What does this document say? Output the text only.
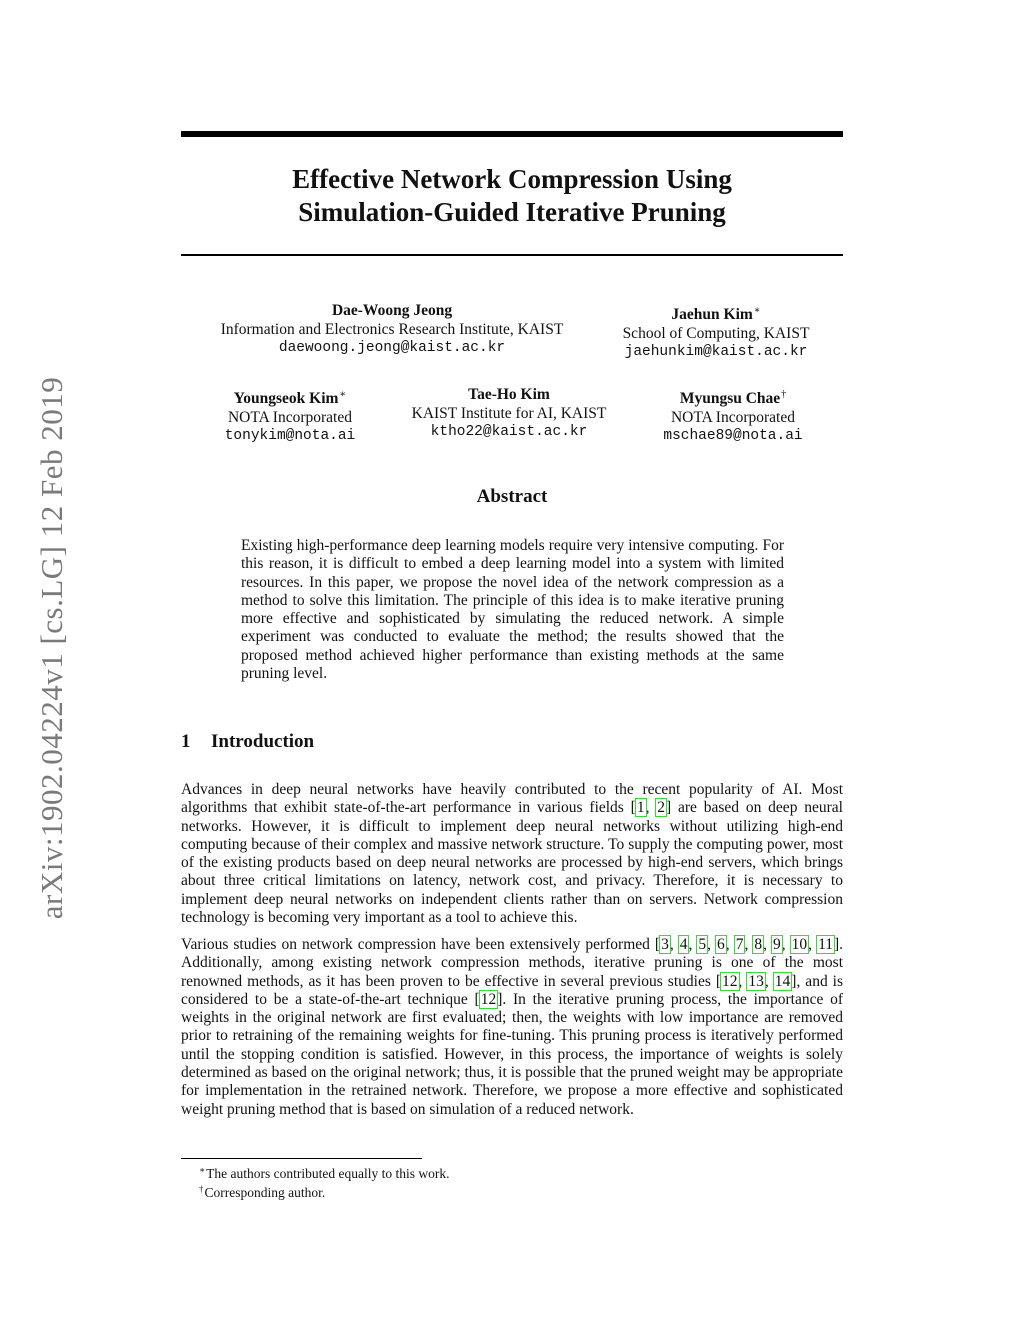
arXiv:1902.04224v1 [cs.LG] 12 Feb 2019
Effective Network Compression Using
Simulation-Guided Iterative Pruning
Dae-Woong Jeong
Information and Electronics Research Institute, KAIST
daewoong.jeong@kaist.ac.kr
Jaehun Kim∗
School of Computing, KAIST
jaehunkim@kaist.ac.kr
Youngseok Kim∗
NOTA Incorporated
tonykim@nota.ai
Tae-Ho Kim
KAIST Institute for AI, KAIST
ktho22@kaist.ac.kr
Myungsu Chae†
NOTA Incorporated
mschae89@nota.ai
Abstract

Existing high-performance deep learning models require very intensive computing. For this reason, it is difficult to embed a deep learning model into a system with limited resources. In this paper, we propose the novel idea of the network compression as a method to solve this limitation. The principle of this idea is to make iterative pruning more effective and sophisticated by simulating the reduced network. A simple experiment was conducted to evaluate the method; the results showed that the proposed method achieved higher performance than existing methods at the same pruning level.

1 Introduction

Advances in deep neural networks have heavily contributed to the recent popularity of AI. Most algorithms that exhibit state-of-the-art performance in various fields [1, 2] are based on deep neural networks. However, it is difficult to implement deep neural networks without utilizing high-end computing because of their complex and massive network structure. To supply the computing power, most of the existing products based on deep neural networks are processed by high-end servers, which brings about three critical limitations on latency, network cost, and privacy. Therefore, it is necessary to implement deep neural networks on independent clients rather than on servers. Network compression technology is becoming very important as a tool to achieve this.

Various studies on network compression have been extensively performed [3, 4, 5, 6, 7, 8, 9, 10, 11]. Additionally, among existing network compression methods, iterative pruning is one of the most renowned methods, as it has been proven to be effective in several previous studies [12, 13, 14], and is considered to be a state-of-the-art technique [12]. In the iterative pruning process, the importance of weights in the original network are first evaluated; then, the weights with low importance are removed prior to retraining of the remaining weights for fine-tuning. This pruning process is iteratively performed until the stopping condition is satisfied. However, in this process, the importance of weights is solely determined as based on the original network; thus, it is possible that the pruned weight may be appropriate for implementation in the retrained network. Therefore, we propose a more effective and sophisticated weight pruning method that is based on simulation of a reduced network.

∗The authors contributed equally to this work.

†Corresponding author.
